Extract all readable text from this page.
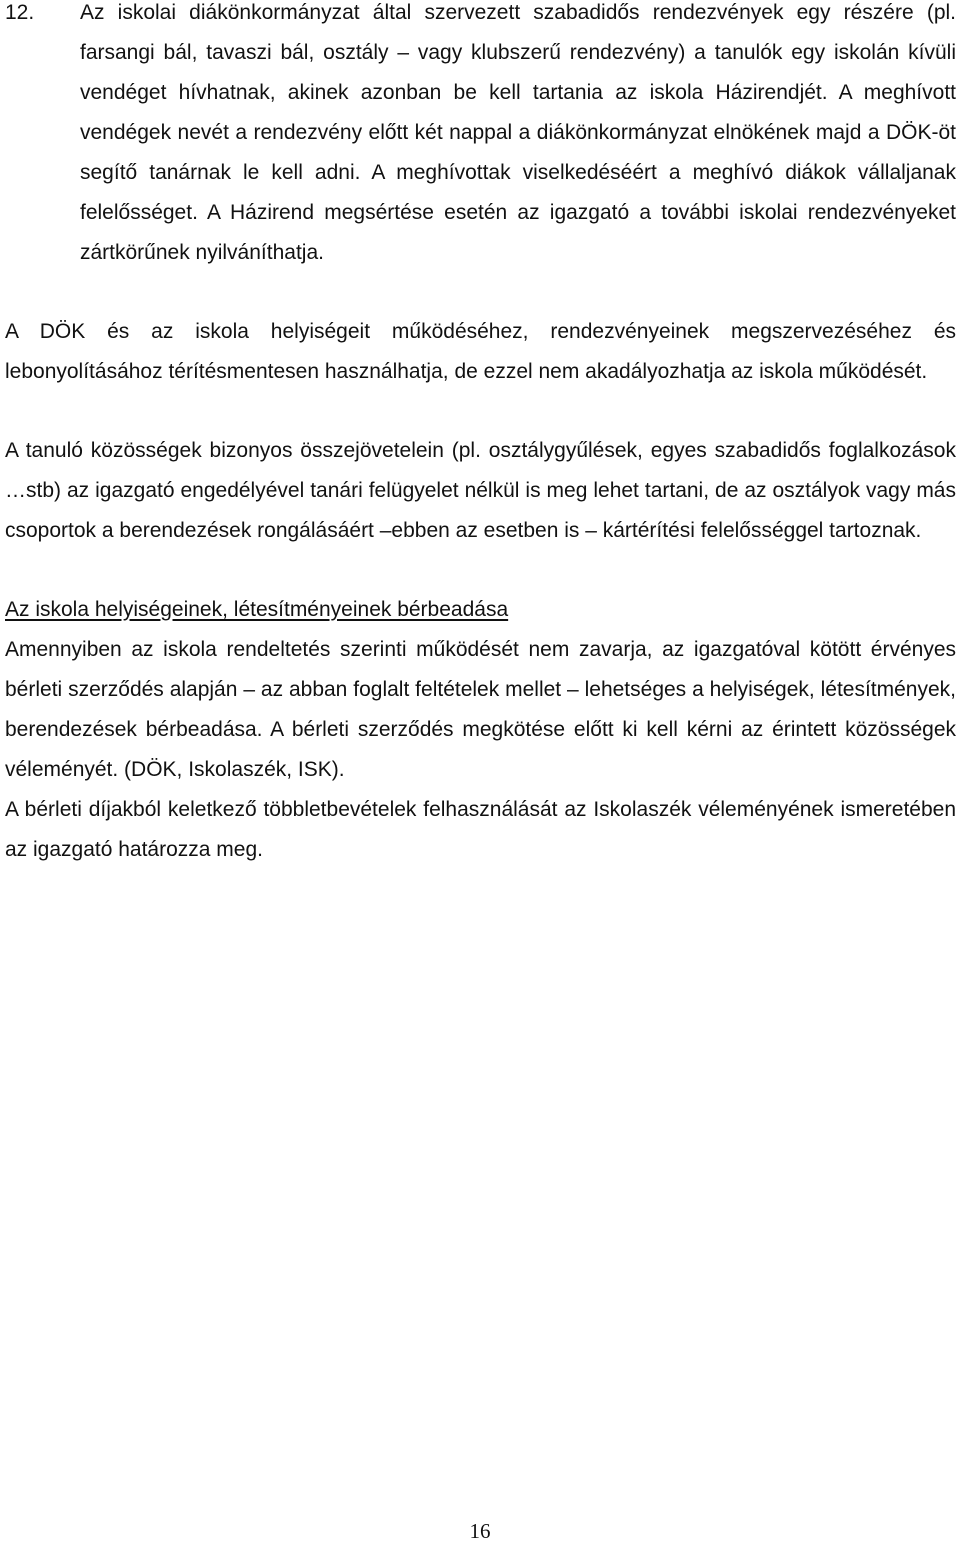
12.	Az iskolai diákönkormányzat által szervezett szabadidős rendezvények egy részére (pl. farsangi bál, tavaszi bál, osztály – vagy klubszerű rendezvény) a tanulók egy iskolán kívüli vendéget hívhatnak, akinek azonban be kell tartania az iskola Házirendjét. A meghívott vendégek nevét a rendezvény előtt két nappal a diákönkormányzat elnökének majd a DÖK-öt segítő tanárnak le kell adni. A meghívottak viselkedéséért a meghívó diákok vállaljanak felelősséget. A Házirend megsértése esetén az igazgató a további iskolai rendezvényeket zártkörűnek nyilváníthatja.

A DÖK és az iskola helyiségeit működéséhez, rendezvényeinek megszervezéséhez és lebonyolításához térítésmentesen használhatja, de ezzel nem akadályozhatja az iskola működését.

A tanuló közösségek bizonyos összejövetelein (pl. osztálygyűlések, egyes szabadidős foglalkozások …stb) az igazgató engedélyével tanári felügyelet nélkül is meg lehet tartani, de az osztályok vagy más csoportok a berendezések rongálásáért –ebben az esetben is – kártérítési felelősséggel tartoznak.

Az iskola helyiségeinek, létesítményeinek bérbeadása

Amennyiben az iskola rendeltetés szerinti működését nem zavarja, az igazgatóval kötött érvényes bérleti szerződés alapján – az abban foglalt feltételek mellet – lehetséges a helyiségek, létesítmények, berendezések bérbeadása. A bérleti szerződés megkötése előtt ki kell kérni az érintett közösségek véleményét. (DÖK, Iskolaszék, ISK).

A bérleti díjakból keletkező többletbevételek felhasználását az Iskolaszék véleményének ismeretében az igazgató határozza meg.

16
